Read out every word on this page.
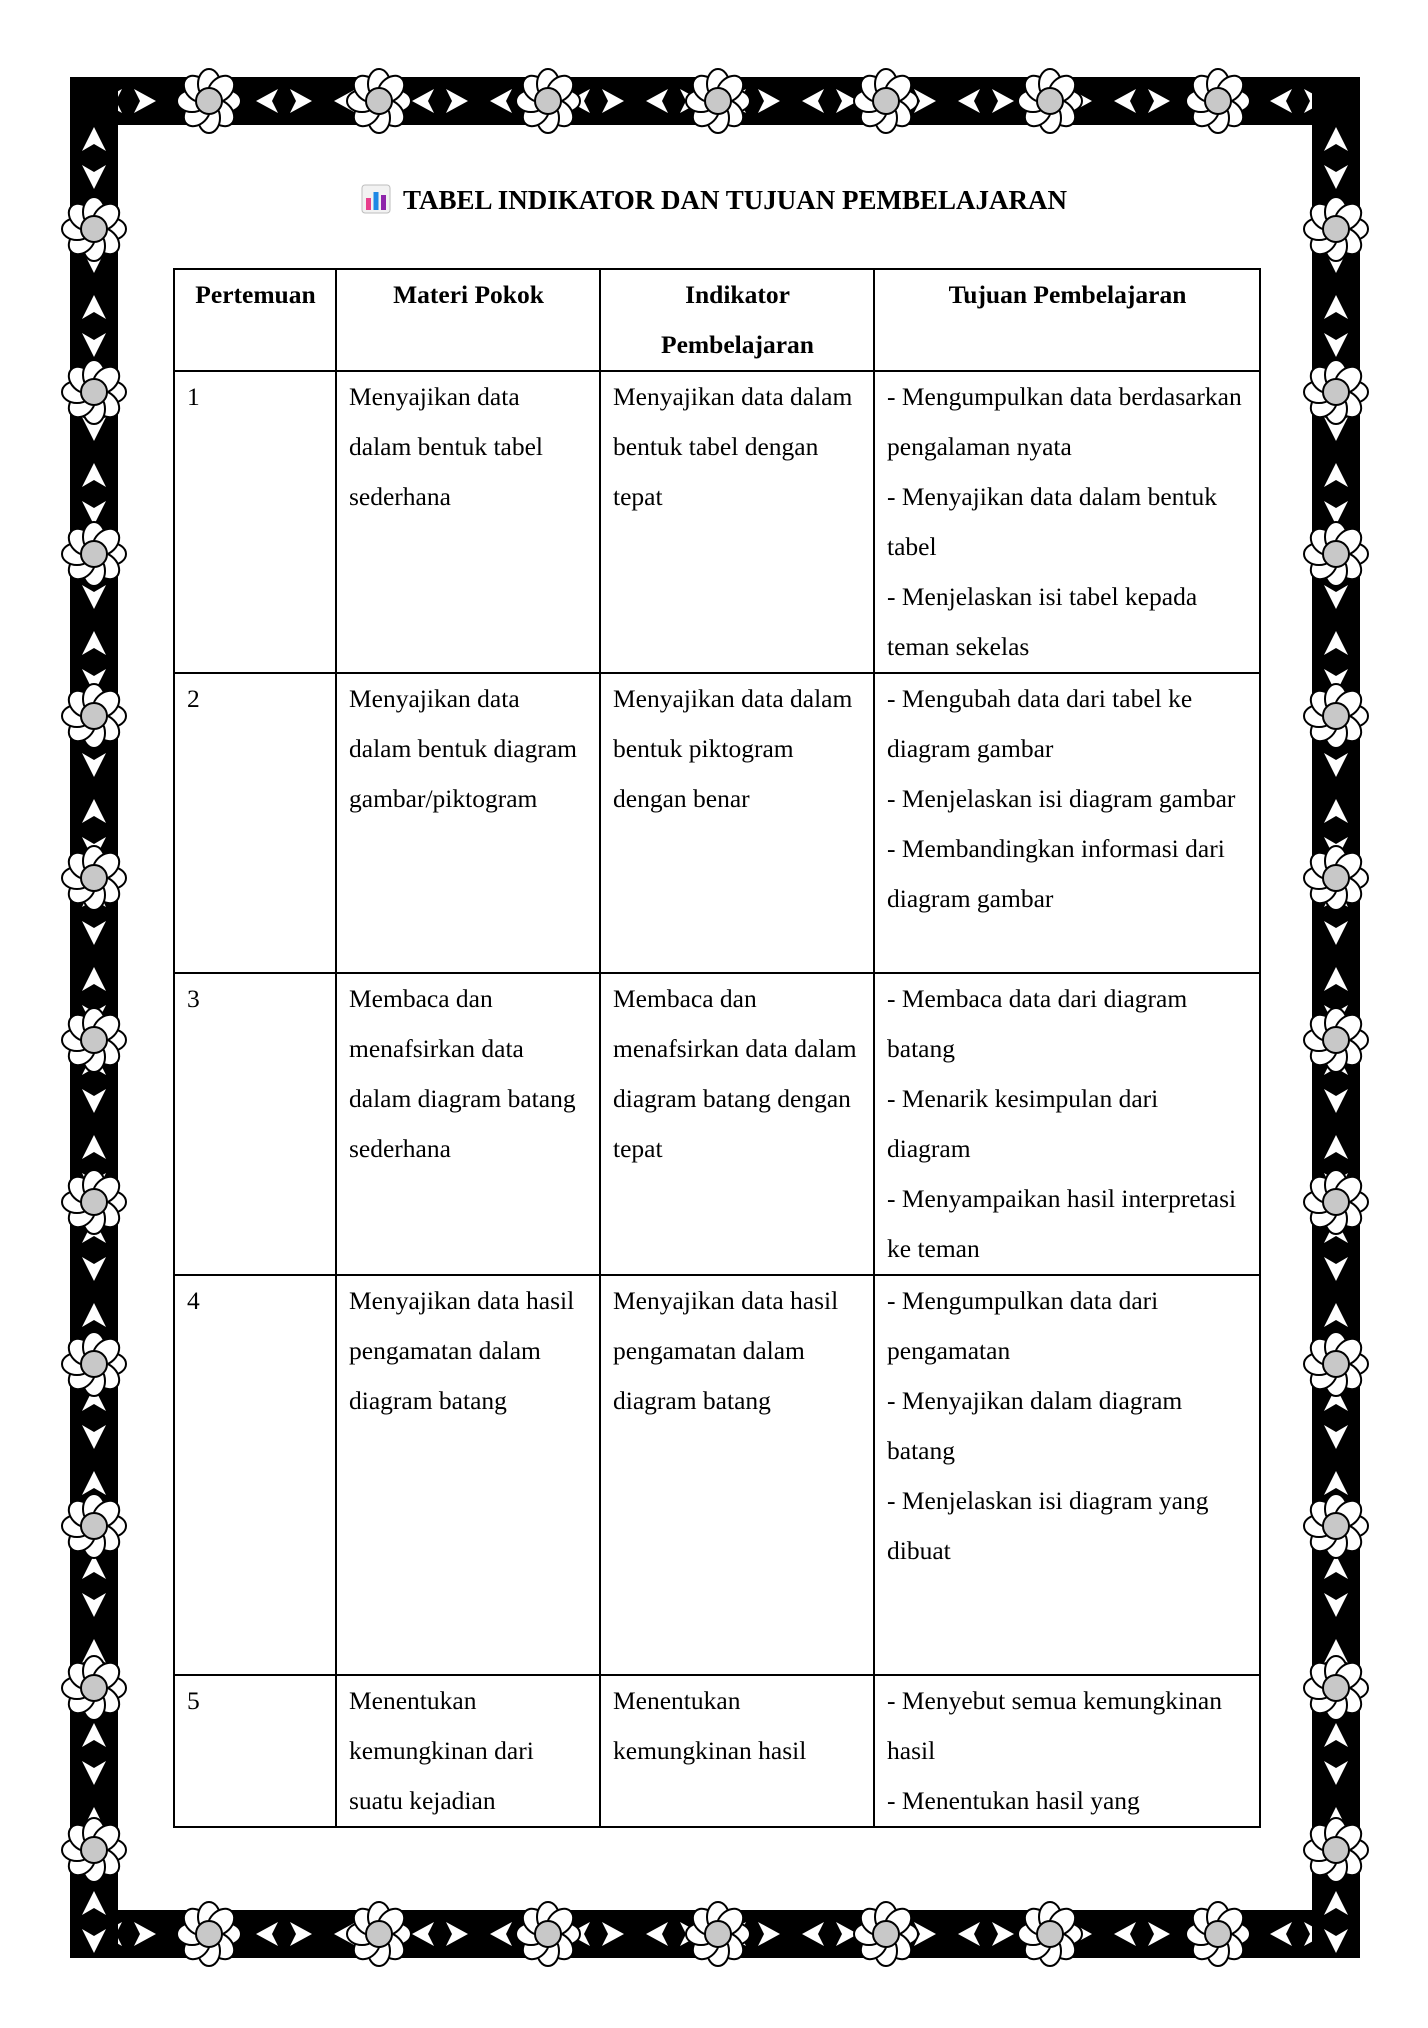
TABEL INDIKATOR DAN TUJUAN PEMBELAJARAN
Pertemuan	Materi Pokok	Indikator Pembelajaran	Tujuan Pembelajaran
1	Menyajikan data dalam bentuk tabel sederhana	Menyajikan data dalam bentuk tabel dengan tepat	- Mengumpulkan data berdasarkan pengalaman nyata
- Menyajikan data dalam bentuk tabel
- Menjelaskan isi tabel kepada teman sekelas

2	Menyajikan data dalam bentuk diagram gambar/piktogram	Menyajikan data dalam bentuk piktogram dengan benar	- Mengubah data dari tabel ke diagram gambar
- Menjelaskan isi diagram gambar
- Membandingkan informasi dari diagram gambar

3	Membaca dan menafsirkan data dalam diagram batang sederhana	Membaca dan menafsirkan data dalam diagram batang dengan tepat	- Membaca data dari diagram batang
- Menarik kesimpulan dari diagram
- Menyampaikan hasil interpretasi ke teman

4	Menyajikan data hasil pengamatan dalam diagram batang	Menyajikan data hasil pengamatan dalam diagram batang	- Mengumpulkan data dari pengamatan
- Menyajikan dalam diagram batang
- Menjelaskan isi diagram yang dibuat

5	Menentukan kemungkinan dari suatu kejadian	Menentukan kemungkinan hasil	- Menyebut semua kemungkinan hasil
- Menentukan hasil yang
